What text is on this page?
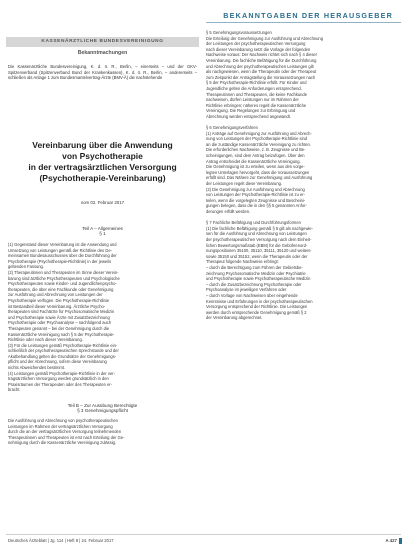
BEKANNTGABEN DER HERAUSGEBER
KASSENÄRZTLICHE BUNDESVEREINIGUNG
Bekanntmachungen
Die Kassenärztliche Bundesvereinigung, K. d. ö. R., Berlin, – einerseits – und der GKV-Spitzenverband (Spitzenverband Bund der Krankenkassen), K. d. ö. R., Berlin, – andererseits – schließen als Anlage 1 zum Bundesmantelvertrag-Ärzte (BMV-Ä) die nachstehende
Vereinbarung über die Anwendung
von Psychotherapie
in der vertragsärztlichen Versorgung
(Psychotherapie-Vereinbarung)
vom 02. Februar 2017
Teil A – Allgemeines
§ 1
(1) Gegenstand dieser Vereinbarung ist die Anwendung und
Umsetzung von Leistungen gemäß der Richtlinie des Ge-
meinsamen Bundesausschusses über die Durchführung der
Psychotherapie (Psychotherapie-Richtlinie) in der jeweils
geltenden Fassung.
(2) Therapeutinnen und Therapeuten im Sinne dieser Verein-
barung sind ärztliche Psychotherapeuten und Psychologische
Psychotherapeuten sowie Kinder- und Jugendlichenpsycho-
therapeuten, die über eine Fachkunde oder Genehmigung
zur Ausführung und Abrechnung von Leistungen der
Psychotherapie verfügen. Die Psychotherapie-Richtlinie
ist Bestandteil dieser Vereinbarung. Ärztliche Psycho-
therapeuten sind Fachärzte für Psychosomatische Medizin
und Psychotherapie sowie Ärzte mit Zusatzbezeichnung
Psychotherapie oder Psychoanalyse – nachfolgend auch
Therapeuten genannt – bei der Genehmigung durch die
Kassenärztliche Vereinigung nach § 5 der Psychotherapie-
Richtlinie oder nach dieser Vereinbarung.
(3) Für die Leistungen gemäß Psychotherapie-Richtlinie ein-
schließlich der psychotherapeutischen Sprechstunde und der
Akutbehandlung gelten die Grundsätze der Genehmigungs-
pflicht und der Abrechnung, sofern diese Vereinbarung
nichts Abweichendes bestimmt.
(4) Leistungen gemäß Psychotherapie-Richtlinie in der ver-
tragsärztlichen Versorgung werden grundsätzlich in den
Praxisräumen der Therapeuten oder des Therapeuten er-
bracht.
Teil B – Zur Ausübung Berechtigte
§ 3 Genehmigungspflicht
Die Ausführung und Abrechnung von psychotherapeutischen
Leistungen im Rahmen der vertragsärztlichen Versorgung
durch die an der vertragsärztlichen Versorgung teilnehmenden
Therapeutinnen und Therapeuten ist erst nach Erteilung der Ge-
nehmigung durch die Kassenärztliche Vereinigung zulässig.
§ 5 Genehmigungsvoraussetzungen
Die Erteilung der Genehmigung zur Ausführung und Abrechnung
der Leistungen der psychotherapeutischen Versorgung
nach dieser Vereinbarung setzt die Vorlage der folgenden
Nachweise voraus: Der Nachweis richtet sich nach § 4 dieser
Vereinbarung. Die fachliche Befähigung für die Durchführung
und Abrechnung der psychotherapeutischen Leistungen gilt
als nachgewiesen, wenn die Therapeutin oder der Therapeut
zum Zeitpunkt der Antragstellung die Voraussetzungen nach
§ 5 der Psychotherapie-Richtlinie erfüllt. Für Kinder und
Jugendliche gelten die Anforderungen entsprechend.
Therapeutinnen und Therapeuten, die keine Fachkunde
nachweisen, dürfen Leistungen nur im Rahmen der
Richtlinie erbringen; näheres regelt die Kassenärztliche
Vereinigung. Die Regelungen zur Erbringung und
Abrechnung werden entsprechend angewandt.
§ 6 Genehmigungsverfahren
(1) Anträge auf Genehmigung zur Ausführung und Abrech-
nung von Leistungen der Psychotherapie-Richtlinie sind
an die zuständige Kassenärztliche Vereinigung zu richten.
Die erforderlichen Nachweise, z. B. Zeugnisse und Be-
scheinigungen, sind dem Antrag beizufügen. Über den
Antrag entscheidet die Kassenärztliche Vereinigung.
Die Genehmigung ist zu erteilen, wenn aus den vorge-
legten Unterlagen hervorgeht, dass die Voraussetzungen
erfüllt sind. Das Nähere zur Genehmigung und Ausführung
der Leistungen regelt diese Vereinbarung.
(2) Die Genehmigung zur Ausführung und Abrechnung
von Leistungen der Psychotherapie-Richtlinie ist zu er-
teilen, wenn die vorgelegten Zeugnisse und Bescheini-
gungen belegen, dass die in den §§ 5 genannten Anfor-
derungen erfüllt werden.
§ 7 Fachliche Befähigung und Durchführungsformen
(1) Die fachliche Befähigung gemäß § 5 gilt als nachgewie-
sen für die Ausführung und Abrechnung von Leistungen
der psychotherapeutischen Versorgung nach dem Einheit-
lichen Bewertungsmaßstab (EBM) für die Gebührenord-
nungspositionen 35100, 35110, 35111, 35120 und weitere
sowie 35150 und 35152, wenn die Therapeutin oder der
Therapeut folgende Nachweise erbringt:
– durch die Berechtigung zum Führen der Gebietsbe-
zeichnung Psychosomatische Medizin oder Psychiatrie
und Psychotherapie sowie Psychotherapeutische Medizin
– durch die Zusatzbezeichnung Psychotherapie oder
Psychoanalyse im jeweiligen Verfahren oder
– durch Vorlage von Nachweisen über eingehende
Kenntnisse und Erfahrungen in der psychotherapeutischen
Versorgung entsprechend der Richtlinie. Die Leistungen
werden durch entsprechende Genehmigung gemäß § 2
der Vereinbarung abgerechnet.
Deutsches Ärzteblatt | Jg. 114 | Heft 8 | 24. Februar 2017	A 427
